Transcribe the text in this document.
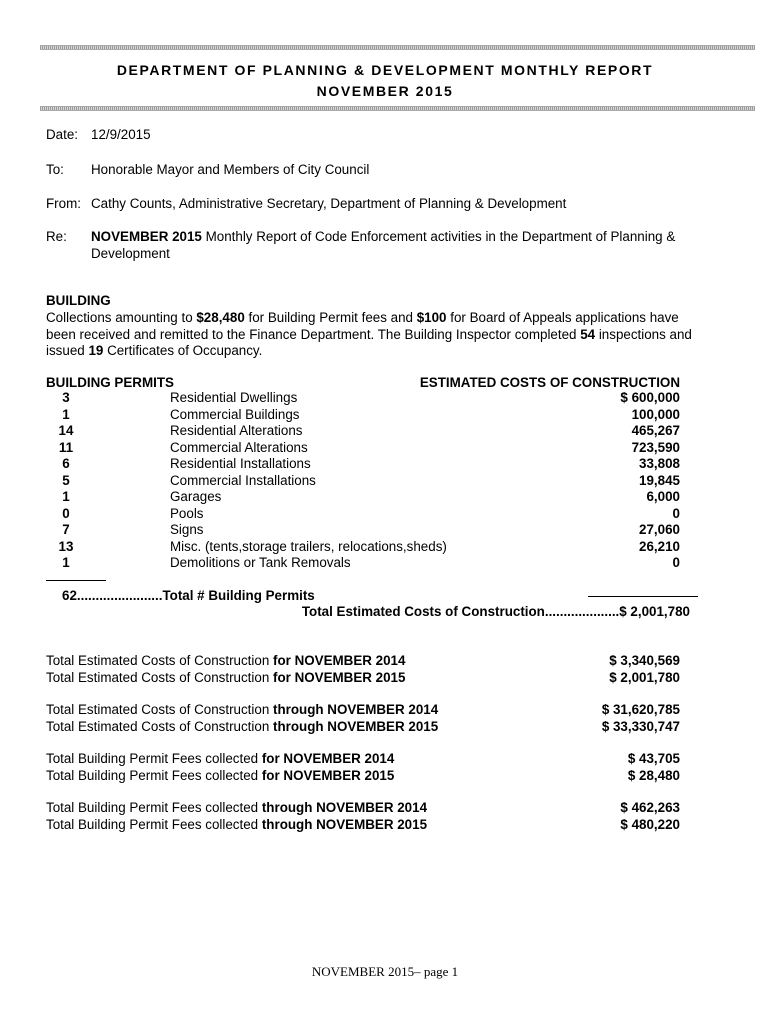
DEPARTMENT OF PLANNING & DEVELOPMENT MONTHLY REPORT
NOVEMBER 2015
Date: 12/9/2015
To: Honorable Mayor and Members of City Council
From: Cathy Counts, Administrative Secretary, Department of Planning & Development
Re: NOVEMBER 2015 Monthly Report of Code Enforcement activities in the Department of Planning &
Development
BUILDING
Collections amounting to $28,480 for Building Permit fees and $100 for Board of Appeals applications have
been received and remitted to the Finance Department. The Building Inspector completed 54 inspections and
issued 19 Certificates of Occupancy.
BUILDING PERMITS	ESTIMATED COSTS OF CONSTRUCTION
3	Residential Dwellings	$ 600,000
1	Commercial Buildings	100,000
14	Residential Alterations	465,267
11	Commercial Alterations	723,590
6	Residential Installations	33,808
5	Commercial Installations	19,845
1	Garages	6,000
0	Pools	0
7	Signs	27,060
13	Misc. (tents,storage trailers, relocations,sheds)	26,210
1	Demolitions or Tank Removals	0
62.......................Total # Building Permits
Total Estimated Costs of Construction....................$ 2,001,780
Total Estimated Costs of Construction for NOVEMBER 2014	$ 3,340,569
Total Estimated Costs of Construction for NOVEMBER 2015	$ 2,001,780
Total Estimated Costs of Construction through NOVEMBER 2014	$ 31,620,785
Total Estimated Costs of Construction through NOVEMBER 2015	$ 33,330,747
Total Building Permit Fees collected for NOVEMBER 2014	$ 43,705
Total Building Permit Fees collected for NOVEMBER 2015	$ 28,480
Total Building Permit Fees collected through NOVEMBER 2014	$ 462,263
Total Building Permit Fees collected through NOVEMBER 2015	$ 480,220
NOVEMBER 2015– page 1
